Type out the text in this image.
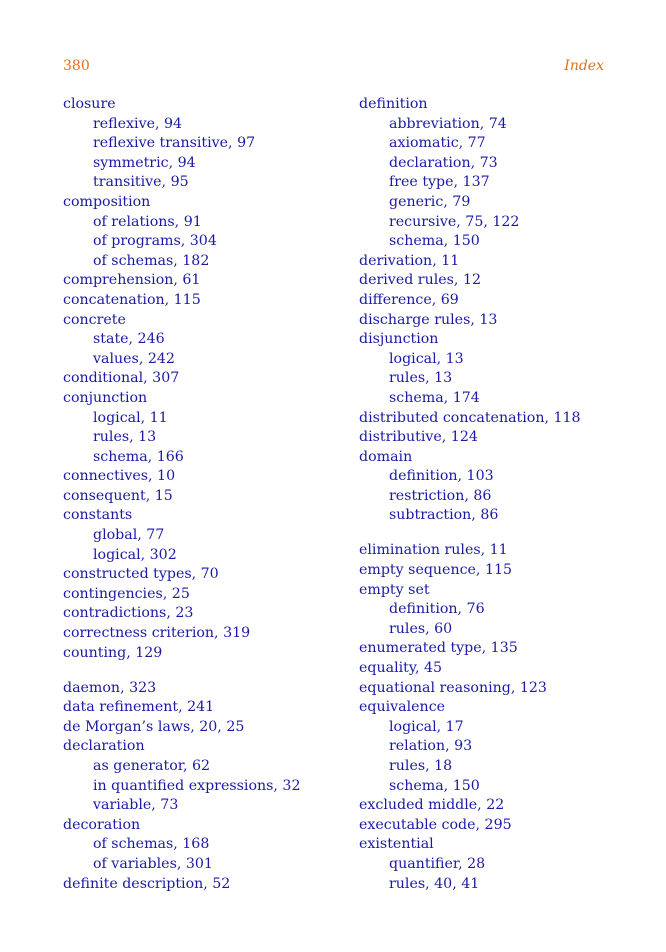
380	Index
closure
reflexive, 94
reflexive transitive, 97
symmetric, 94
transitive, 95
composition
of relations, 91
of programs, 304
of schemas, 182
comprehension, 61
concatenation, 115
concrete
state, 246
values, 242
conditional, 307
conjunction
logical, 11
rules, 13
schema, 166
connectives, 10
consequent, 15
constants
global, 77
logical, 302
constructed types, 70
contingencies, 25
contradictions, 23
correctness criterion, 319
counting, 129
daemon, 323
data refinement, 241
de Morgan’s laws, 20, 25
declaration
as generator, 62
in quantified expressions, 32
variable, 73
decoration
of schemas, 168
of variables, 301
definite description, 52
definition
abbreviation, 74
axiomatic, 77
declaration, 73
free type, 137
generic, 79
recursive, 75, 122
schema, 150
derivation, 11
derived rules, 12
difference, 69
discharge rules, 13
disjunction
logical, 13
rules, 13
schema, 174
distributed concatenation, 118
distributive, 124
domain
definition, 103
restriction, 86
subtraction, 86
elimination rules, 11
empty sequence, 115
empty set
definition, 76
rules, 60
enumerated type, 135
equality, 45
equational reasoning, 123
equivalence
logical, 17
relation, 93
rules, 18
schema, 150
excluded middle, 22
executable code, 295
existential
quantifier, 28
rules, 40, 41
